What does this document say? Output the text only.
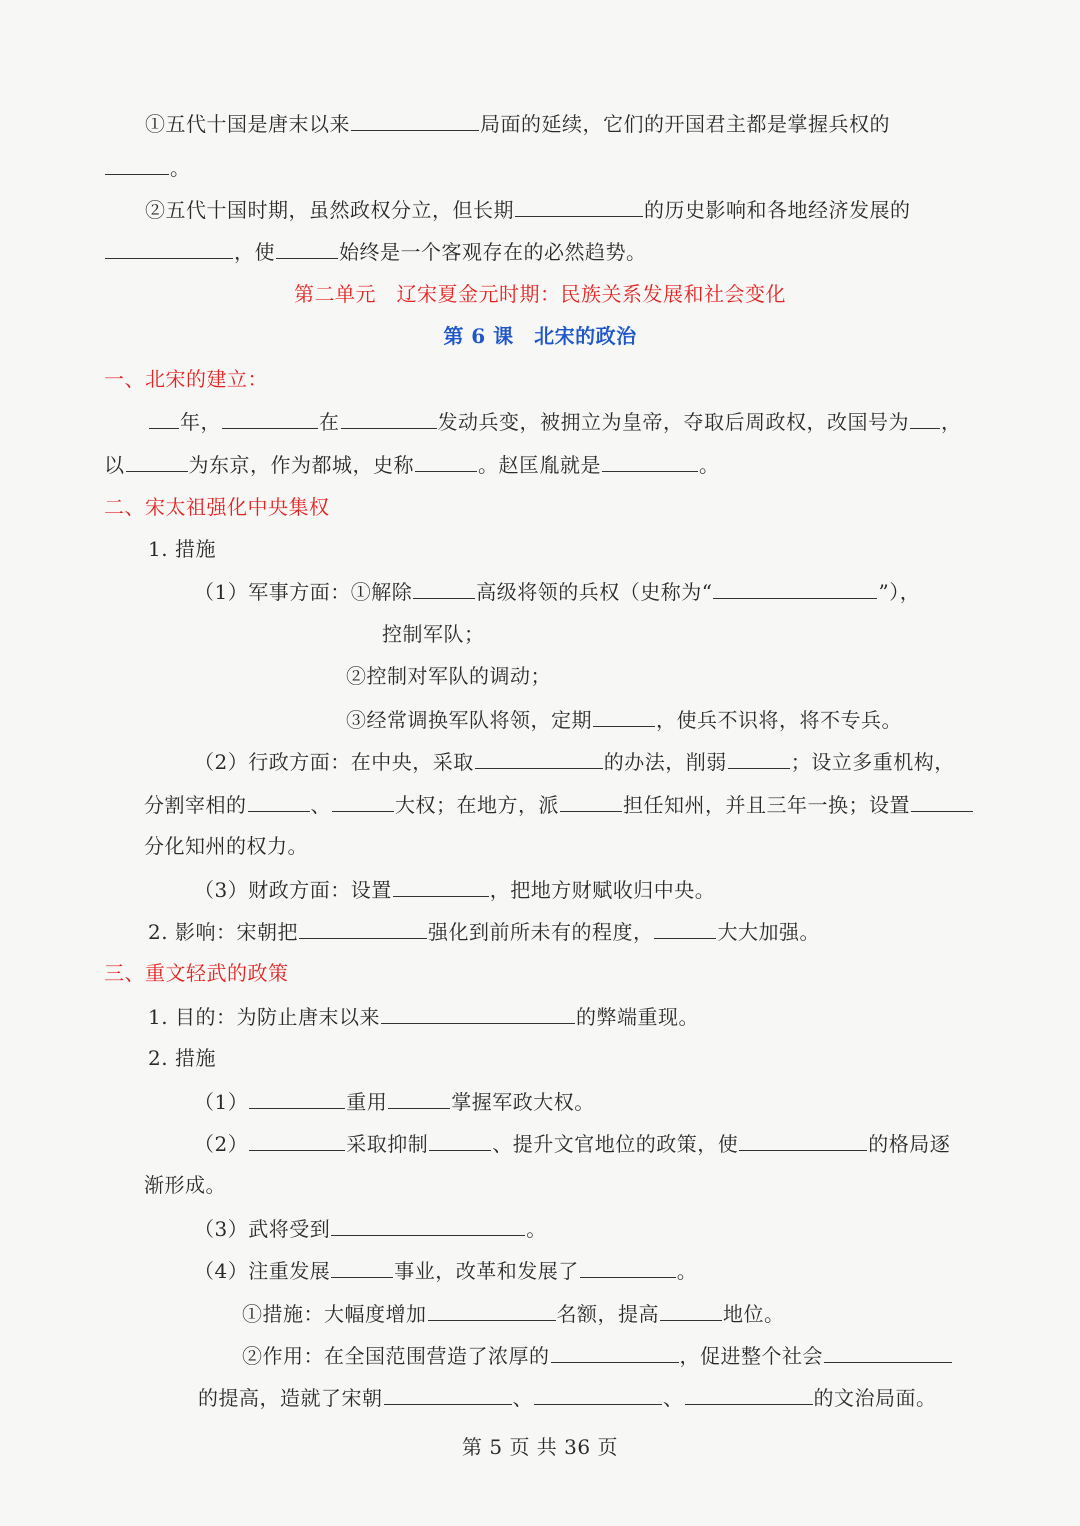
①五代十国是唐末以来	局面的延续，它们的开国君主都是掌握兵权的
。
②五代十国时期，虽然政权分立，但长期	的历史影响和各地经济发展的
，使	始终是一个客观存在的必然趋势。
第二单元　辽宋夏金元时期：民族关系发展和社会变化
第 6 课　北宋的政治
一、北宋的建立：
年，	在	发动兵变，被拥立为皇帝，夺取后周政权，改国号为 ，
以	为东京，作为都城，史称	。赵匡胤就是	。
二、宋太祖强化中央集权
1. 措施
（1）军事方面：①解除	高级将领的兵权（史称为“	”），
控制军队；
②控制对军队的调动；
③经常调换军队将领，定期	，使兵不识将，将不专兵。
（2）行政方面：在中央，采取	的办法，削弱	；设立多重机构，
分割宰相的	、	大权；在地方，派	担任知州，并且三年一换；设置
分化知州的权力。
（3）财政方面：设置	，把地方财赋收归中央。
2. 影响：宋朝把	强化到前所未有的程度，	大大加强。
三、重文轻武的政策
1. 目的：为防止唐末以来	的弊端重现。
2. 措施
（1）	重用	掌握军政大权。
（2）	采取抑制	、提升文官地位的政策，使	的格局逐
渐形成。
（3）武将受到	。
（4）注重发展	事业，改革和发展了	。
①措施：大幅度增加	名额，提高	地位。
②作用：在全国范围营造了浓厚的	，促进整个社会
的提高，造就了宋朝	、	、	的文治局面。
第 5 页 共 36 页
